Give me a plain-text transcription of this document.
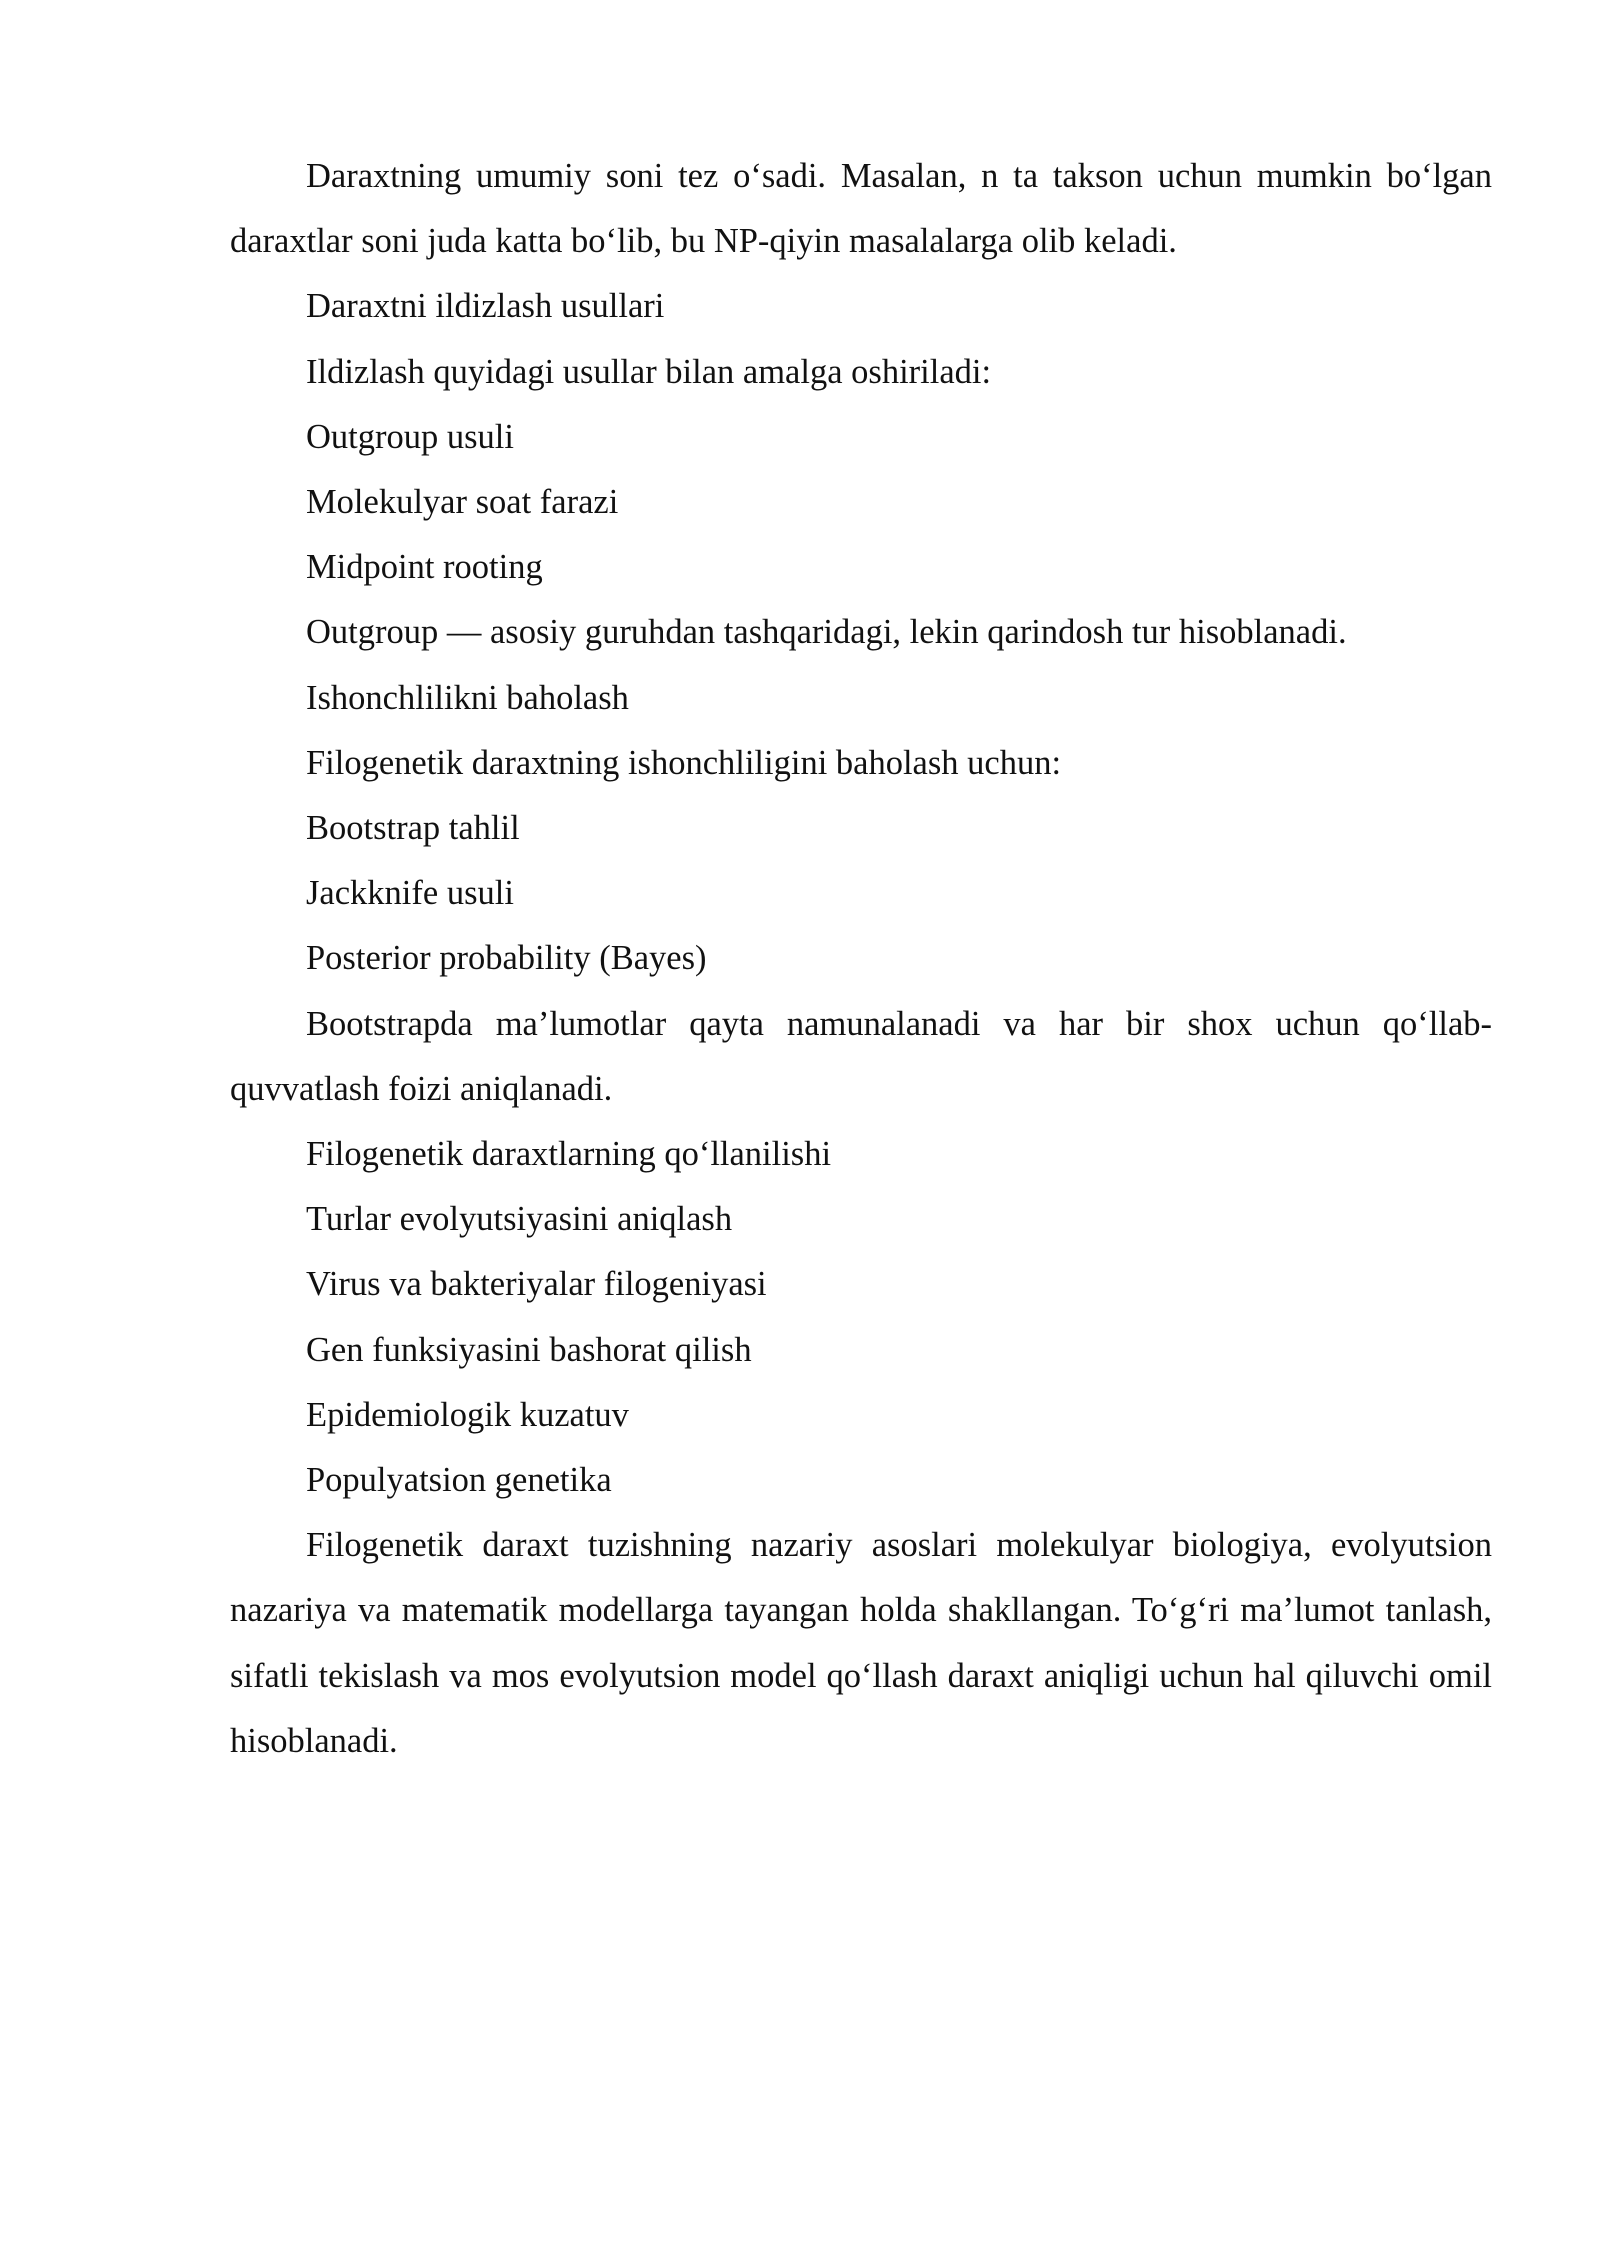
Daraxtning umumiy soni tez o‘sadi. Masalan, n ta takson uchun mumkin bo‘lgan daraxtlar soni juda katta bo‘lib, bu NP-qiyin masalalarga olib keladi.

Daraxtni ildizlash usullari

Ildizlash quyidagi usullar bilan amalga oshiriladi:

Outgroup usuli

Molekulyar soat farazi

Midpoint rooting

Outgroup — asosiy guruhdan tashqaridagi, lekin qarindosh tur hisoblanadi.

Ishonchlilikni baholash

Filogenetik daraxtning ishonchliligini baholash uchun:

Bootstrap tahlil

Jackknife usuli

Posterior probability (Bayes)

Bootstrapda ma’lumotlar qayta namunalanadi va har bir shox uchun qo‘llab-quvvatlash foizi aniqlanadi.

Filogenetik daraxtlarning qo‘llanilishi

Turlar evolyutsiyasini aniqlash

Virus va bakteriyalar filogeniyasi

Gen funksiyasini bashorat qilish

Epidemiologik kuzatuv

Populyatsion genetika

Filogenetik daraxt tuzishning nazariy asoslari molekulyar biologiya, evolyutsion nazariya va matematik modellarga tayangan holda shakllangan. To‘g‘ri ma’lumot tanlash, sifatli tekislash va mos evolyutsion model qo‘llash daraxt aniqligi uchun hal qiluvchi omil hisoblanadi.
